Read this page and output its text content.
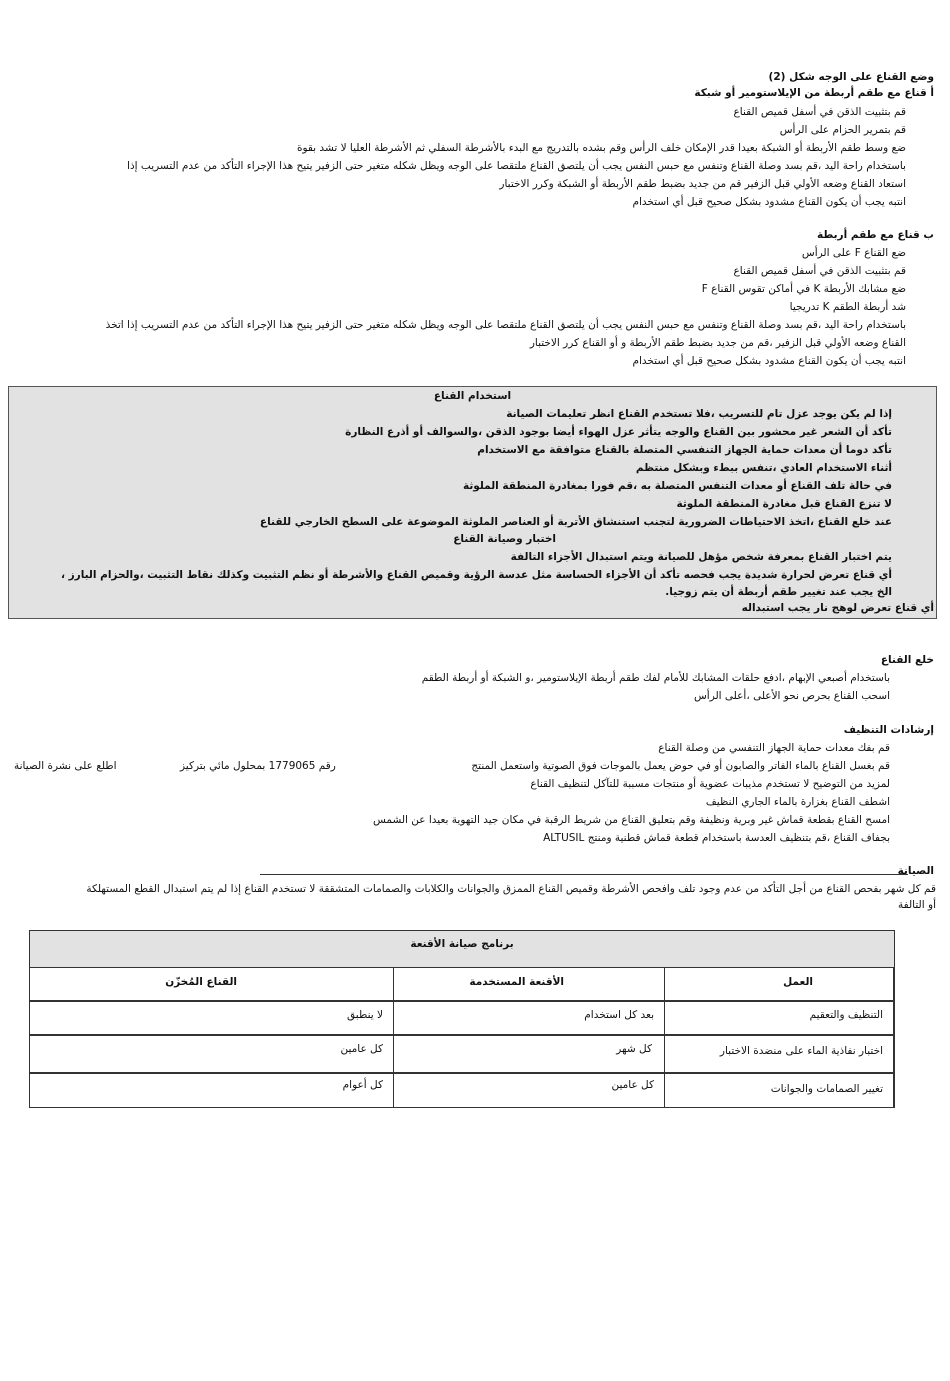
وضع القناع على الوجه شكل (2)
أ قناع مع طقم أربطة من الإيلاستومير أو شبكة
قم بتثبيت الذقن في أسفل قميص القناع
قم بتمرير الحزام على الرأس
ضع وسط طقم الأربطة أو الشبكة بعيدا قدر الإمكان خلف الرأس وقم بشده بالتدريج مع البدء بالأشرطة السفلي ثم الأشرطة العليا لا تشد بقوة
باستخدام راحة اليد ،قم بسد وصلة القناع وتنفس مع حبس النفس يجب أن يلتصق القناع ملتقصا على الوجه ويظل شكله متغير حتى الزفير يتيح هذا الإجراء التأكد من عدم التسريب إذا
استعاد القناع وضعه الأولي قبل الزفير قم من جديد بضبط طقم الأربطة أو الشبكة وكرر الاختبار
انتبه يجب أن يكون القناع مشدود بشكل صحيح قبل أي استخدام
ب قناع مع طقم أربطة
ضع القناع F على الرأس
قم بتثبيت الذقن في أسفل قميص القناع
ضع مشابك الأربطة K في أماكن تقوس القناع F
شد أربطة الطقم K تدريجيا
باستخدام راحة اليد ،قم بسد وصلة القناع وتنفس مع حبس النفس يجب أن يلتصق القناع ملتقصا على الوجه ويظل شكله متغير حتى الزفير يتيح هذا الإجراء التأكد من عدم التسريب إذا اتخذ
القناع وضعه الأولي قبل الزفير ،قم من جديد بضبط طقم الأربطة و أو القناع كرر الاختبار
انتبه يجب أن يكون القناع مشدود بشكل صحيح قبل أي استخدام
استخدام القناع
إذا لم يكن يوجد عزل تام للتسريب ،فلا تستخدم القناع انظر تعليمات الصيانة
تأكد أن الشعر غير محشور بين القناع والوجه يتأثر عزل الهواء أيضا بوجود الذقن ،والسوالف أو أذرع النظارة
تأكد دوما أن معدات حماية الجهاز التنفسي المتصلة بالقناع متوافقة مع الاستخدام
أثناء الاستخدام العادي ،تنفس ببطء وبشكل منتظم
في حالة تلف القناع أو معدات التنفس المتصلة به ،قم فورا بمغادرة المنطقة الملوثة
لا تنزع القناع قبل مغادرة المنطقة الملوثة
عند خلع القناع ،اتخذ الاحتياطات الضرورية لتجنب استنشاق الأتربة أو العناصر الملوثة الموضوعة على السطح الخارجي للقناع
اختبار وصيانة القناع
يتم اختبار القناع بمعرفة شخص مؤهل للصيانة ويتم استبدال الأجزاء التالفة
أي قناع تعرض لحرارة شديدة يجب فحصه تأكد أن الأجزاء الحساسة مثل عدسة الرؤية وقميص القناع والأشرطة أو نظم التثبيت وكذلك نقاط التثبيت ،والحزام البارز ،
الخ يجب عند تغيير طقم أربطة أن يتم زوجيا.
أي قناع تعرض لوهج نار يجب استبداله
خلع القناع
باستخدام أصبعي الإبهام ،ادفع حلقات المشابك للأمام لفك طقم أربطة الإيلاستومير ،و الشبكة أو أربطة الطقم
اسحب القناع بحرص نحو الأعلى ،أعلى الرأس
إرشادات التنظيف
قم بفك معدات حماية الجهاز التنفسي من وصلة القناع
قم بغسل القناع بالماء الفاتر والصابون أو في حوض يعمل بالموجات فوق الصوتية واستعمل المنتج
رقم 1779065 بمحلول مائي بتركيز
اطلع على نشرة الصيانة
لمزيد من التوضيح لا تستخدم مذيبات عضوية أو منتجات مسببة للتآكل لتنظيف القناع
اشطف القناع بغزارة بالماء الجاري النظيف
امسح القناع بقطعة قماش غير وبرية ونظيفة وقم بتعليق القناع من شريط الرقبة في مكان جيد التهوية بعيدا عن الشمس
بجفاف القناع ،قم بتنظيف العدسة باستخدام قطعة قماش قطنية ومنتج ALTUSIL
الصيانة
قم كل شهر بفحص القناع من أجل التأكد من عدم وجود تلف وافحص الأشرطة وقميص القناع الممزق والجوانات والكلابات والصمامات المتشققة لا تستخدم القناع إذا لم يتم استبدال القطع المستهلكة
أو التالفة
برنامج صيانة الأقنعة
العمل
الأقنعة المستخدمة
القناع المُخزّن
التنظيف والتعقيم
بعد كل استخدام
لا ينطبق
اختبار نفاذية الماء على منضدة الاختبار
كل شهر
كل عامين
تغيير الصمامات والجوانات
كل عامين
كل أعوام
